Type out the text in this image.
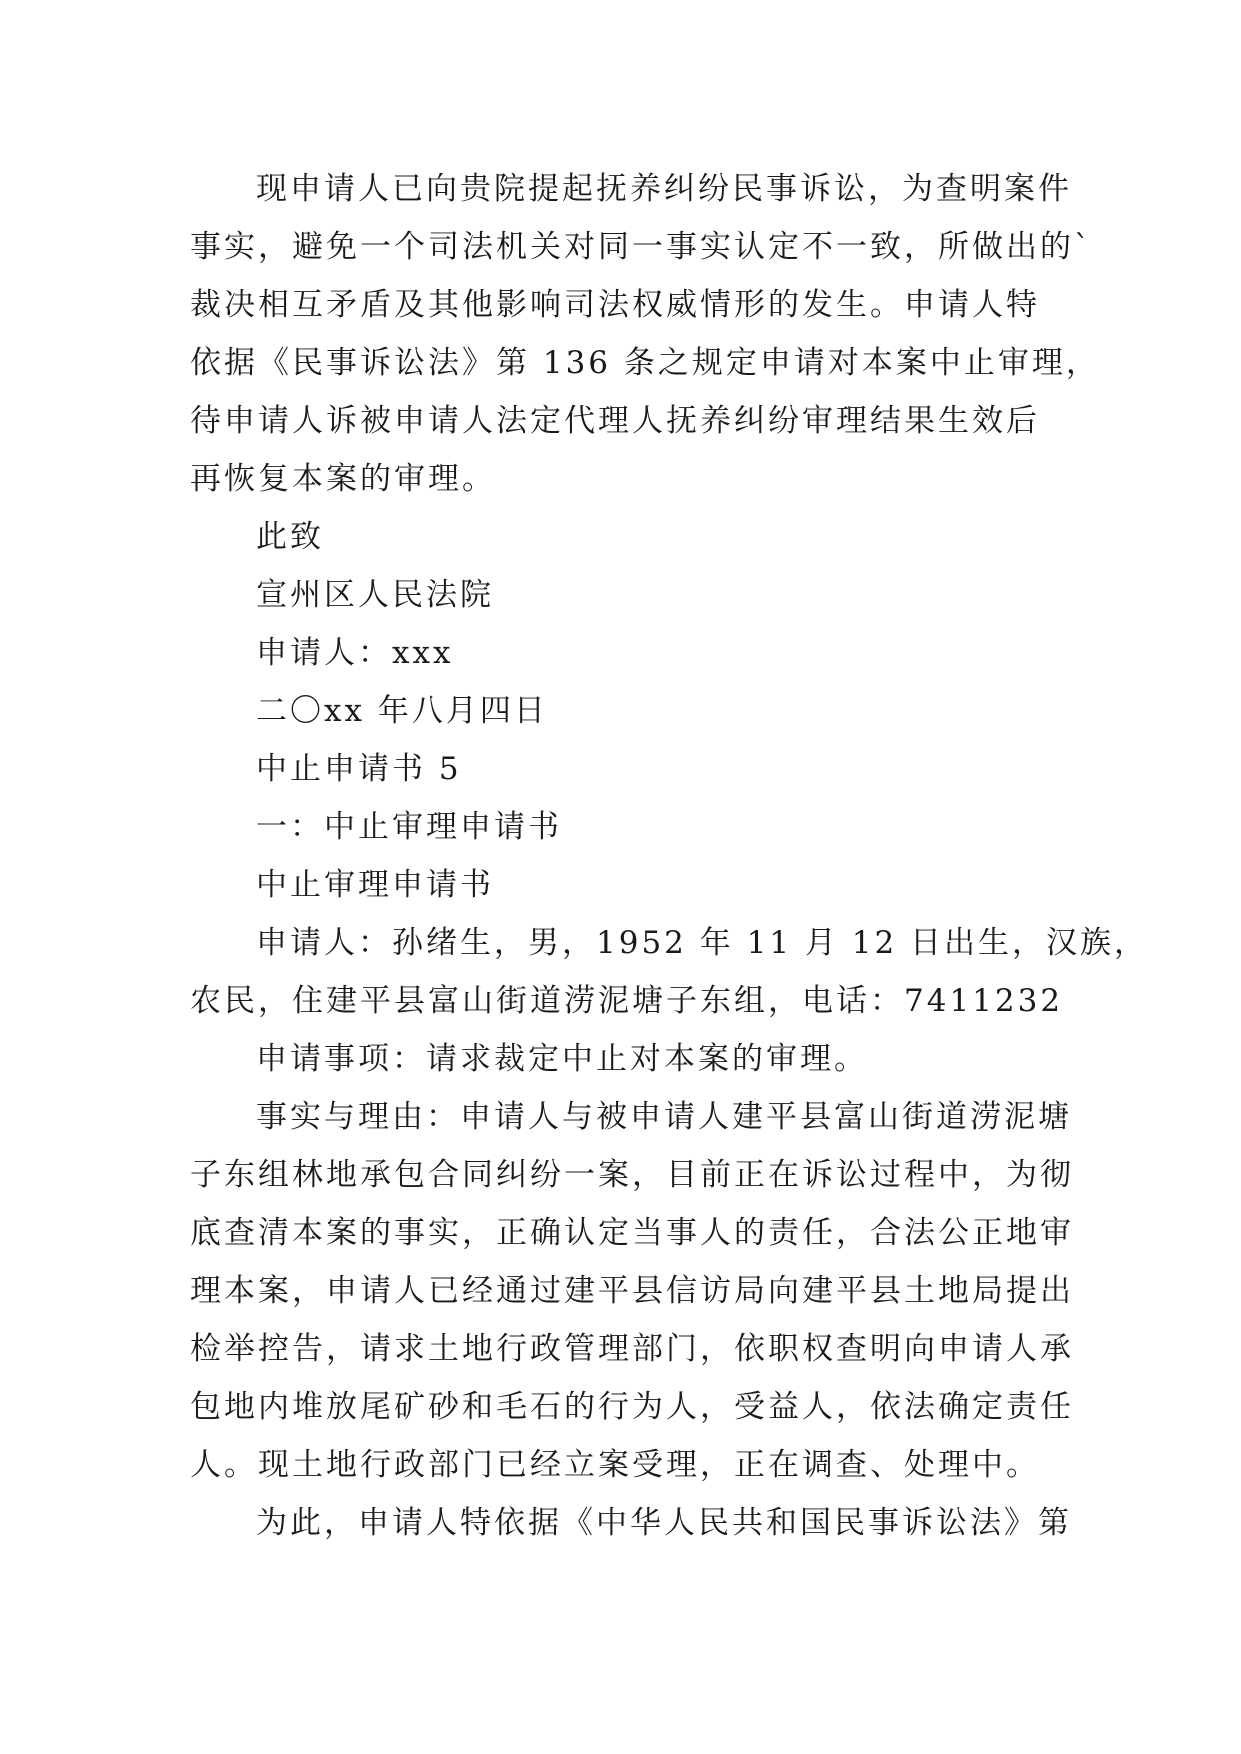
现申请人已向贵院提起抚养纠纷民事诉讼，为查明案件
事实，避免一个司法机关对同一事实认定不一致，所做出的`
裁决相互矛盾及其他影响司法权威情形的发生。申请人特
依据《民事诉讼法》第 136 条之规定申请对本案中止审理，
待申请人诉被申请人法定代理人抚养纠纷审理结果生效后
再恢复本案的审理。
此致
宣州区人民法院
申请人：xxx
二〇xx 年八月四日
中止申请书 5
一：中止审理申请书
中止审理申请书
申请人：孙绪生，男，1952 年 11 月 12 日出生，汉族，
农民，住建平县富山街道涝泥塘子东组，电话：7411232
申请事项：请求裁定中止对本案的审理。
事实与理由：申请人与被申请人建平县富山街道涝泥塘
子东组林地承包合同纠纷一案，目前正在诉讼过程中，为彻
底查清本案的事实，正确认定当事人的责任，合法公正地审
理本案，申请人已经通过建平县信访局向建平县土地局提出
检举控告，请求土地行政管理部门，依职权查明向申请人承
包地内堆放尾矿砂和毛石的行为人，受益人，依法确定责任
人。现土地行政部门已经立案受理，正在调查、处理中。
为此，申请人特依据《中华人民共和国民事诉讼法》第
